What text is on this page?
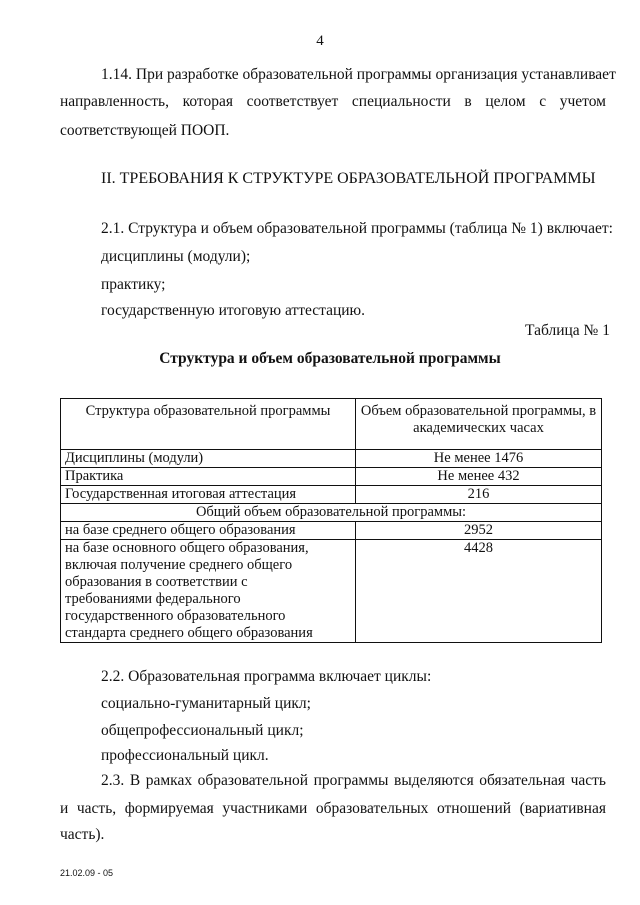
4
1.14. При разработке образовательной программы организация устанавливает
направленность, которая соответствует специальности в целом с учетом
соответствующей ПООП.
II. ТРЕБОВАНИЯ К СТРУКТУРЕ ОБРАЗОВАТЕЛЬНОЙ ПРОГРАММЫ
2.1. Структура и объем образовательной программы (таблица № 1) включает:
дисциплины (модули);
практику;
государственную итоговую аттестацию.
Таблица № 1
Структура и объем образовательной программы
Структура образовательной программы	Объем образовательной программы, в академических часах
Дисциплины (модули)	Не менее 1476
Практика	Не менее 432
Государственная итоговая аттестация	216
Общий объем образовательной программы:	
на базе среднего общего образования	2952
на базе основного общего образования, включая получение среднего общего образования в соответствии с требованиями федерального государственного образовательного стандарта среднего общего образования	4428
2.2. Образовательная программа включает циклы:
социально-гуманитарный цикл;
общепрофессиональный цикл;
профессиональный цикл.
2.3. В рамках образовательной программы выделяются обязательная часть
и часть, формируемая участниками образовательных отношений (вариативная
часть).
21.02.09 - 05
